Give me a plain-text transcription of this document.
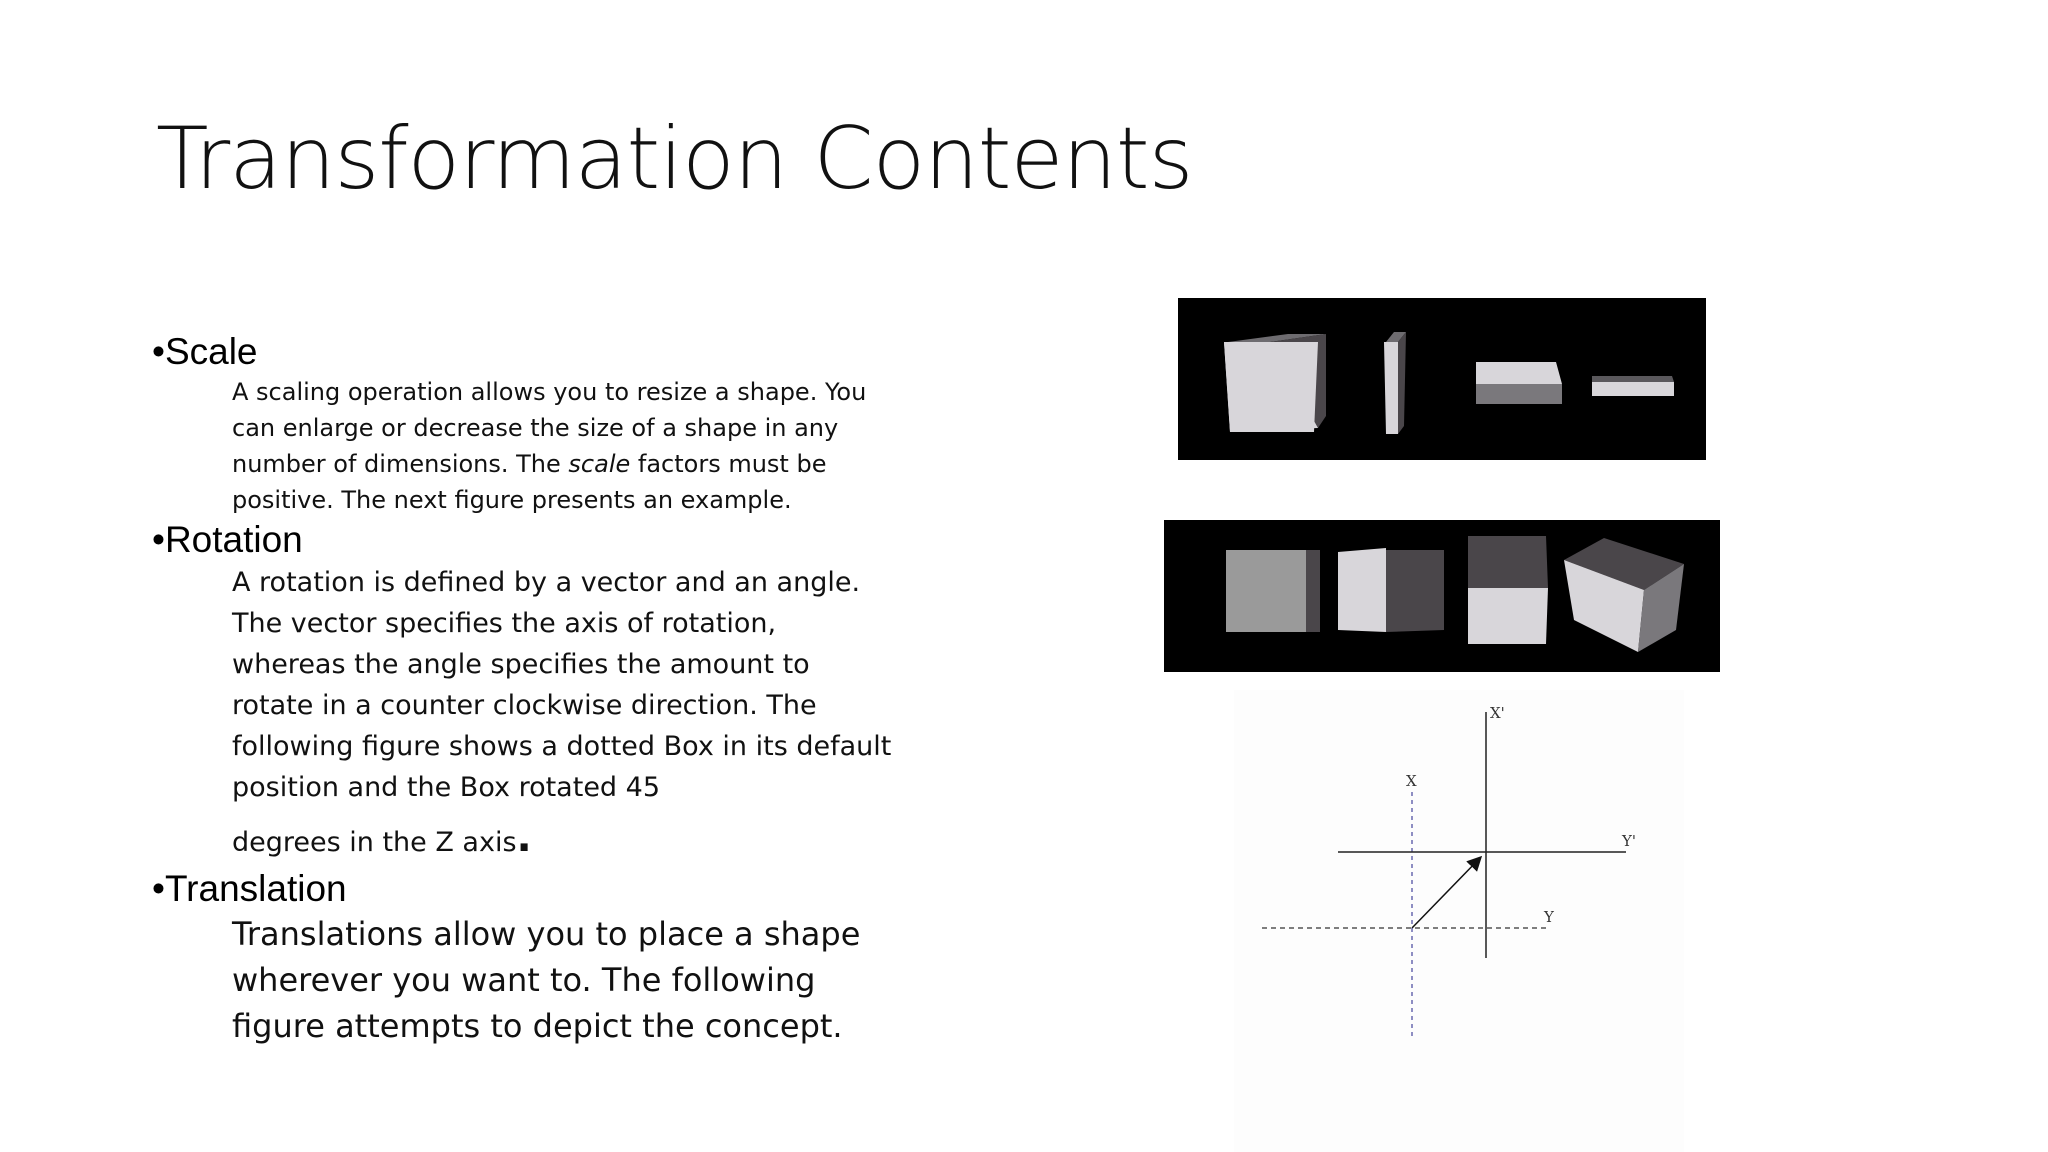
Transformation Contents

•Scale

A scaling operation allows you to resize a shape. You can enlarge or decrease the size of a shape in any number of dimensions. The scale factors must be positive. The next figure presents an example.

•Rotation

A rotation is defined by a vector and an angle. The vector specifies the axis of rotation, whereas the angle specifies the amount to rotate in a counter clockwise direction. The following figure shows a dotted Box in its default position and the Box rotated 45

degrees in the Z axis.

•Translation

Translations allow you to place a shape wherever you want to. The following figure attempts to depict the concept.

X
Y
X'
Y'
